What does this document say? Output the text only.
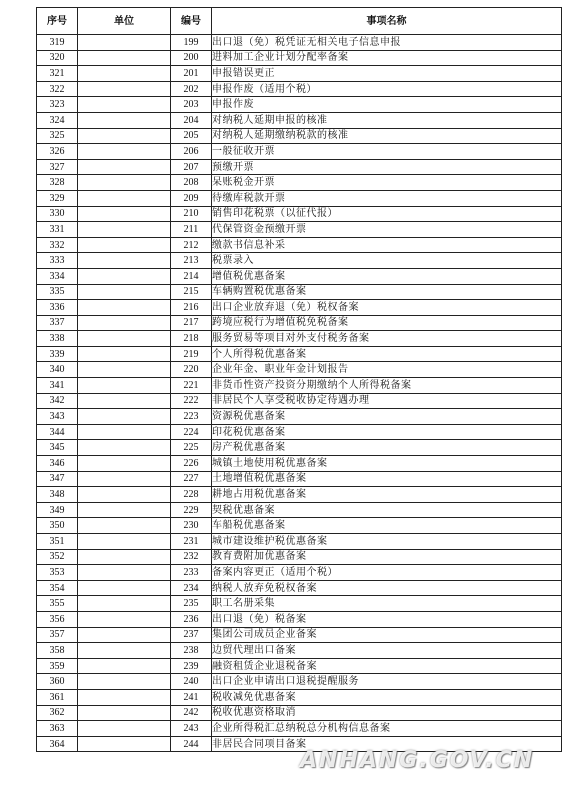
序号	单位	编号	事项名称
319		199	出口退（免）税凭证无相关电子信息申报
320		200	进料加工企业计划分配率备案
321		201	申报错误更正
322		202	申报作废（适用个税）
323		203	申报作废
324		204	对纳税人延期申报的核准
325		205	对纳税人延期缴纳税款的核准
326		206	一般征收开票
327		207	预缴开票
328		208	呆账税金开票
329		209	待缴库税款开票
330		210	销售印花税票（以征代报）
331		211	代保管资金预缴开票
332		212	缴款书信息补采
333		213	税票录入
334		214	增值税优惠备案
335		215	车辆购置税优惠备案
336		216	出口企业放弃退（免）税权备案
337		217	跨境应税行为增值税免税备案
338		218	服务贸易等项目对外支付税务备案
339		219	个人所得税优惠备案
340		220	企业年金、职业年金计划报告
341		221	非货币性资产投资分期缴纳个人所得税备案
342		222	非居民个人享受税收协定待遇办理
343		223	资源税优惠备案
344		224	印花税优惠备案
345		225	房产税优惠备案
346		226	城镇土地使用税优惠备案
347		227	土地增值税优惠备案
348		228	耕地占用税优惠备案
349		229	契税优惠备案
350		230	车船税优惠备案
351		231	城市建设维护税优惠备案
352		232	教育费附加优惠备案
353		233	备案内容更正（适用个税）
354		234	纳税人放弃免税权备案
355		235	职工名册采集
356		236	出口退（免）税备案
357		237	集团公司成员企业备案
358		238	边贸代理出口备案
359		239	融资租赁企业退税备案
360		240	出口企业申请出口退税提醒服务
361		241	税收减免优惠备案
362		242	税收优惠资格取消
363		243	企业所得税汇总纳税总分机构信息备案
364		244	非居民合同项目备案
ANHANG.GOV.CN
